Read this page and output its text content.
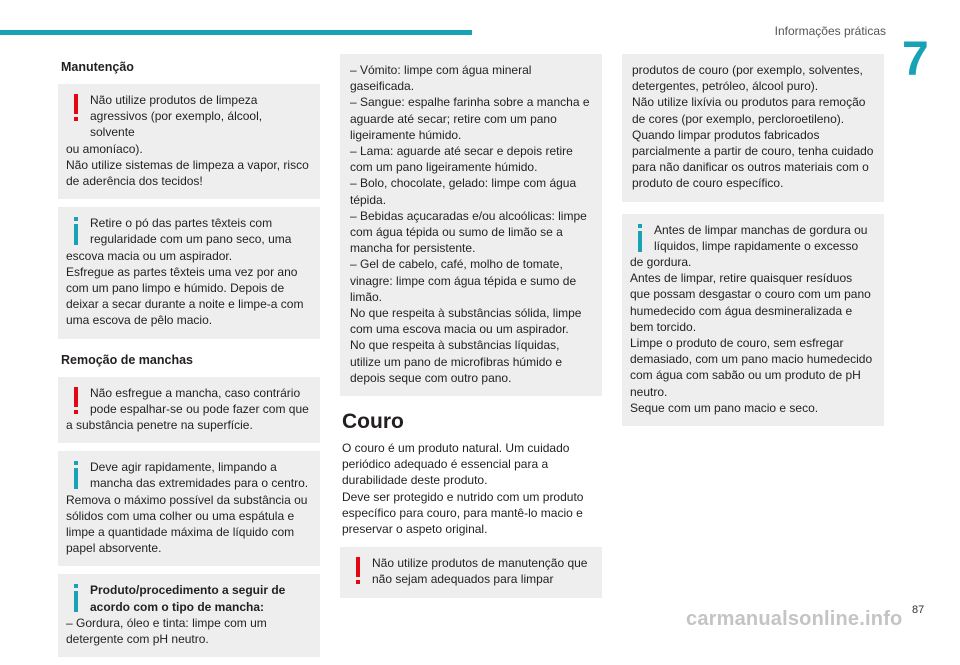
Informações práticas
7
Manutenção
Não utilize produtos de limpeza agressivos (por exemplo, álcool, solvente
ou amoníaco).
Não utilize sistemas de limpeza a vapor, risco de aderência dos tecidos!
Retire o pó das partes têxteis com regularidade com um pano seco, uma
escova macia ou um aspirador.
Esfregue as partes têxteis uma vez por ano com um pano limpo e húmido. Depois de deixar a secar durante a noite e limpe-a com uma escova de pêlo macio.
Remoção de manchas
Não esfregue a mancha, caso contrário pode espalhar-se ou pode fazer com que
a substância penetre na superfície.
Deve agir rapidamente, limpando a mancha das extremidades para o centro.
Remova o máximo possível da substância ou sólidos com uma colher ou uma espátula e limpe a quantidade máxima de líquido com papel absorvente.
Produto/procedimento a seguir de acordo com o tipo de mancha:
– Gordura, óleo e tinta: limpe com um detergente com pH neutro.
– Vómito: limpe com água mineral gaseificada.
– Sangue: espalhe farinha sobre a mancha e aguarde até secar; retire com um pano ligeiramente húmido.
– Lama: aguarde até secar e depois retire com um pano ligeiramente húmido.
– Bolo, chocolate, gelado: limpe com água tépida.
– Bebidas açucaradas e/ou alcoólicas: limpe com água tépida ou sumo de limão se a mancha for persistente.
– Gel de cabelo, café, molho de tomate, vinagre: limpe com água tépida e sumo de limão.
No que respeita à substâncias sólida, limpe com uma escova macia ou um aspirador.
No que respeita à substâncias líquidas, utilize um pano de microfibras húmido e depois seque com outro pano.
Couro
O couro é um produto natural. Um cuidado periódico adequado é essencial para a durabilidade deste produto.
Deve ser protegido e nutrido com um produto específico para couro, para mantê-lo macio e preservar o aspeto original.
Não utilize produtos de manutenção que não sejam adequados para limpar
produtos de couro (por exemplo, solventes, detergentes, petróleo, álcool puro).
Não utilize lixívia ou produtos para remoção de cores (por exemplo, percloroetileno).
Quando limpar produtos fabricados parcialmente a partir de couro, tenha cuidado para não danificar os outros materiais com o produto de couro específico.
Antes de limpar manchas de gordura ou líquidos, limpe rapidamente o excesso
de gordura.
Antes de limpar, retire quaisquer resíduos que possam desgastar o couro com um pano humedecido com água desmineralizada e bem torcido.
Limpe o produto de couro, sem esfregar demasiado, com um pano macio humedecido com água com sabão ou um produto de pH neutro.
Seque com um pano macio e seco.
carmanualsonline.info 87
